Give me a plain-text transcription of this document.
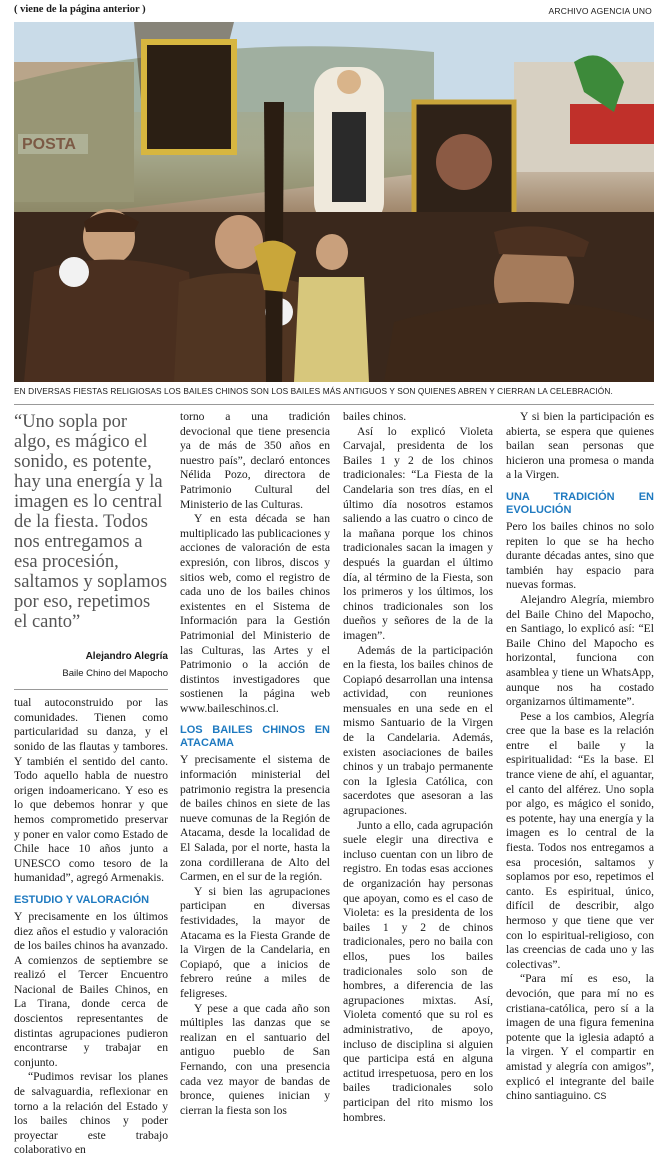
( viene de la página anterior )	ARCHIVO AGENCIA UNO
EN DIVERSAS FIESTAS RELIGIOSAS LOS BAILES CHINOS SON LOS BAILES MÁS ANTIGUOS Y SON QUIENES ABREN Y CIERRAN LA CELEBRACIÓN.
“Uno sopla por algo, es mágico el sonido, es potente, hay una energía y la imagen es lo central de la fiesta. Todos nos entregamos a esa procesión, saltamos y soplamos por eso, repetimos el canto”
Alejandro Alegría
Baile Chino del Mapocho

tual autoconstruido por las comunidades. Tienen como particularidad su danza, y el sonido de las flautas y tambores. Y también el sentido del canto. Todo aquello habla de nuestro origen indoamericano. Y eso es lo que debemos honrar y que hemos comprometido preservar y poner en valor como Estado de Chile hace 10 años junto a UNESCO como tesoro de la humanidad”, agregó Armenakis.

ESTUDIO Y VALORACIÓN

Y precisamente en los últimos diez años el estudio y valoración de los bailes chinos ha avanzado. A comienzos de septiembre se realizó el Tercer Encuentro Nacional de Bailes Chinos, en La Tirana, donde cerca de doscientos representantes de distintas agrupaciones pudieron encontrarse y trabajar en conjunto.

“Pudimos revisar los planes de salvaguardia, reflexionar en torno a la relación del Estado y los bailes chinos y poder proyectar este trabajo colaborativo en

torno a una tradición devocional que tiene presencia ya de más de 350 años en nuestro país”, declaró entonces Nélida Pozo, directora de Patrimonio Cultural del Ministerio de las Culturas.

Y en esta década se han multiplicado las publicaciones y acciones de valoración de esta expresión, con libros, discos y sitios web, como el registro de cada uno de los bailes chinos existentes en el Sistema de Información para la Gestión Patrimonial del Ministerio de las Culturas, las Artes y el Patrimonio o la acción de distintos investigadores que sostienen la página web www.baileschinos.cl.

LOS BAILES CHINOS EN ATACAMA

Y precisamente el sistema de información ministerial del patrimonio registra la presencia de bailes chinos en siete de las nueve comunas de la Región de Atacama, desde la localidad de El Salada, por el norte, hasta la zona cordillerana de Alto del Carmen, en el sur de la región.

Y si bien las agrupaciones participan en diversas festividades, la mayor de Atacama es la Fiesta Grande de la Virgen de la Candelaria, en Copiapó, que a inicios de febrero reúne a miles de feligreses.

Y pese a que cada año son múltiples las danzas que se realizan en el santuario del antiguo pueblo de San Fernando, con una presencia cada vez mayor de bandas de bronce, quienes inician y cierran la fiesta son los

bailes chinos.

Así lo explicó Violeta Carvajal, presidenta de los Bailes 1 y 2 de los chinos tradicionales: “La Fiesta de la Candelaria son tres días, en el último día nosotros estamos saliendo a las cuatro o cinco de la mañana porque los chinos tradicionales sacan la imagen y después la guardan el último día, al término de la Fiesta, son los primeros y los últimos, los chinos tradicionales son los dueños y señores de la de la imagen”.

Además de la participación en la fiesta, los bailes chinos de Copiapó desarrollan una intensa actividad, con reuniones mensuales en una sede en el mismo Santuario de la Virgen de la Candelaria. Además, existen asociaciones de bailes chinos y un trabajo permanente con la Iglesia Católica, con sacerdotes que asesoran a las agrupaciones.

Junto a ello, cada agrupación suele elegir una directiva e incluso cuentan con un libro de registro. En todas esas acciones de organización hay personas que apoyan, como es el caso de Violeta: es la presidenta de los bailes 1 y 2 de chinos tradicionales, pero no baila con ellos, pues los bailes tradicionales solo son de hombres, a diferencia de las agrupaciones mixtas. Así, Violeta comentó que su rol es administrativo, de apoyo, incluso de disciplina si alguien que participa está en alguna actitud irrespetuosa, pero en los bailes tradicionales solo participan del rito mismo los hombres.

Y si bien la participación es abierta, se espera que quienes bailan sean personas que hicieron una promesa o manda a la Virgen.

UNA TRADICIÓN EN EVOLUCIÓN

Pero los bailes chinos no solo repiten lo que se ha hecho durante décadas antes, sino que también hay espacio para nuevas formas.

Alejandro Alegría, miembro del Baile Chino del Mapocho, en Santiago, lo explicó así: “El Baile Chino del Mapocho es horizontal, funciona con asamblea y tiene un WhatsApp, aunque nos ha costado organizarnos últimamente”.

Pese a los cambios, Alegría cree que la base es la relación entre el baile y la espiritualidad: “Es la base. El trance viene de ahí, el aguantar, el canto del alférez. Uno sopla por algo, es mágico el sonido, es potente, hay una energía y la imagen es lo central de la fiesta. Todos nos entregamos a esa procesión, saltamos y soplamos por eso, repetimos el canto. Es espiritual, único, difícil de describir, algo hermoso y que tiene que ver con lo espiritual-religioso, con las creencias de cada uno y las colectivas”.

“Para mí es eso, la devoción, que para mí no es cristiana-católica, pero sí a la imagen de una figura femenina potente que la iglesia adaptó a la virgen. Y el compartir en amistad y alegría con amigos”, explicó el integrante del baile chino santiaguino. CS
